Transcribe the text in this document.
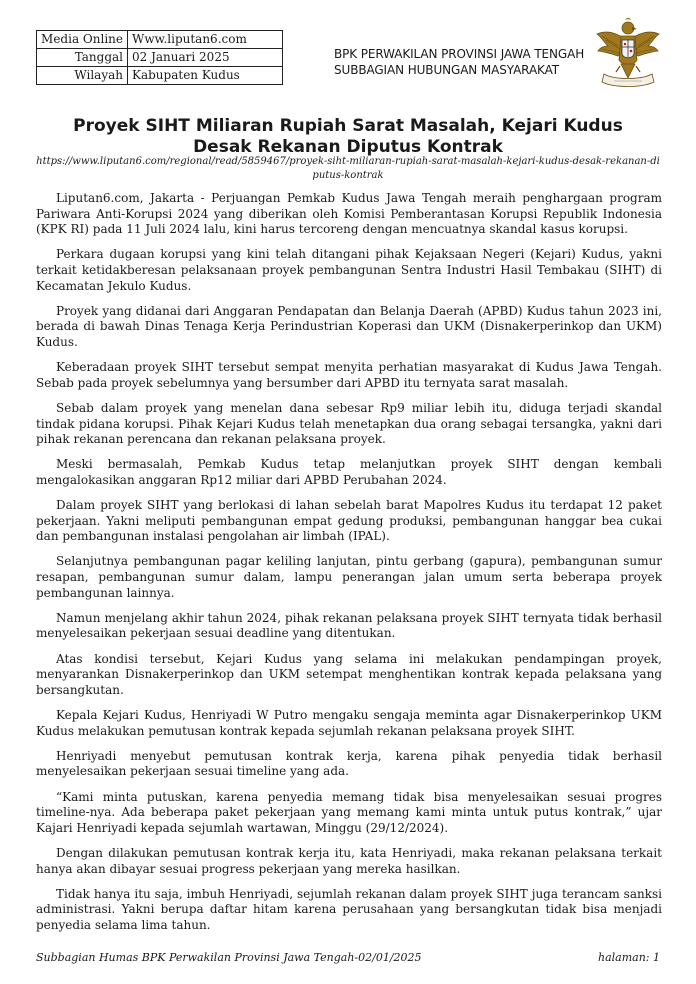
Media Online	Www.liputan6.com
Tanggal	02 Januari 2025
Wilayah	Kabupaten Kudus
BPK PERWAKILAN PROVINSI JAWA TENGAH
SUBBAGIAN HUBUNGAN MASYARAKAT
Proyek SIHT Miliaran Rupiah Sarat Masalah, Kejari Kudus Desak Rekanan Diputus Kontrak
https://www.liputan6.com/regional/read/5859467/proyek-siht-miliaran-rupiah-sarat-masalah-kejari-kudus-desak-rekanan-diputus-kontrak

Liputan6.com, Jakarta - Perjuangan Pemkab Kudus Jawa Tengah meraih penghargaan program Pariwara Anti-Korupsi 2024 yang diberikan oleh Komisi Pemberantasan Korupsi Republik Indonesia (KPK RI) pada 11 Juli 2024 lalu, kini harus tercoreng dengan mencuatnya skandal kasus korupsi.

Perkara dugaan korupsi yang kini telah ditangani pihak Kejaksaan Negeri (Kejari) Kudus, yakni terkait ketidakberesan pelaksanaan proyek pembangunan Sentra Industri Hasil Tembakau (SIHT) di Kecamatan Jekulo Kudus.

Proyek yang didanai dari Anggaran Pendapatan dan Belanja Daerah (APBD) Kudus tahun 2023 ini, berada di bawah Dinas Tenaga Kerja Perindustrian Koperasi dan UKM (Disnakerperinkop dan UKM) Kudus.

Keberadaan proyek SIHT tersebut sempat menyita perhatian masyarakat di Kudus Jawa Tengah. Sebab pada proyek sebelumnya yang bersumber dari APBD itu ternyata sarat masalah.

Sebab dalam proyek yang menelan dana sebesar Rp9 miliar lebih itu, diduga terjadi skandal tindak pidana korupsi. Pihak Kejari Kudus telah menetapkan dua orang sebagai tersangka, yakni dari pihak rekanan perencana dan rekanan pelaksana proyek.

Meski bermasalah, Pemkab Kudus tetap melanjutkan proyek SIHT dengan kembali mengalokasikan anggaran Rp12 miliar dari APBD Perubahan 2024.

Dalam proyek SIHT yang berlokasi di lahan sebelah barat Mapolres Kudus itu terdapat 12 paket pekerjaan. Yakni meliputi pembangunan empat gedung produksi, pembangunan hanggar bea cukai dan pembangunan instalasi pengolahan air limbah (IPAL).

Selanjutnya pembangunan pagar keliling lanjutan, pintu gerbang (gapura), pembangunan sumur resapan, pembangunan sumur dalam, lampu penerangan jalan umum serta beberapa proyek pembangunan lainnya.

Namun menjelang akhir tahun 2024, pihak rekanan pelaksana proyek SIHT ternyata tidak berhasil menyelesaikan pekerjaan sesuai deadline yang ditentukan.

Atas kondisi tersebut, Kejari Kudus yang selama ini melakukan pendampingan proyek, menyarankan Disnakerperinkop dan UKM setempat menghentikan kontrak kepada pelaksana yang bersangkutan.

Kepala Kejari Kudus, Henriyadi W Putro mengaku sengaja meminta agar Disnakerperinkop UKM Kudus melakukan pemutusan kontrak kepada sejumlah rekanan pelaksana proyek SIHT.

Henriyadi menyebut pemutusan kontrak kerja, karena pihak penyedia tidak berhasil menyelesaikan pekerjaan sesuai timeline yang ada.

“Kami minta putuskan, karena penyedia memang tidak bisa menyelesaikan sesuai progres timeline-nya. Ada beberapa paket pekerjaan yang memang kami minta untuk putus kontrak,” ujar Kajari Henriyadi kepada sejumlah wartawan, Minggu (29/12/2024).

Dengan dilakukan pemutusan kontrak kerja itu, kata Henriyadi, maka rekanan pelaksana terkait hanya akan dibayar sesuai progress pekerjaan yang mereka hasilkan.

Tidak hanya itu saja, imbuh Henriyadi, sejumlah rekanan dalam proyek SIHT juga terancam sanksi administrasi. Yakni berupa daftar hitam karena perusahaan yang bersangkutan tidak bisa menjadi penyedia selama lima tahun.

Subbagian Humas BPK Perwakilan Provinsi Jawa Tengah-02/01/2025	halaman: 1
